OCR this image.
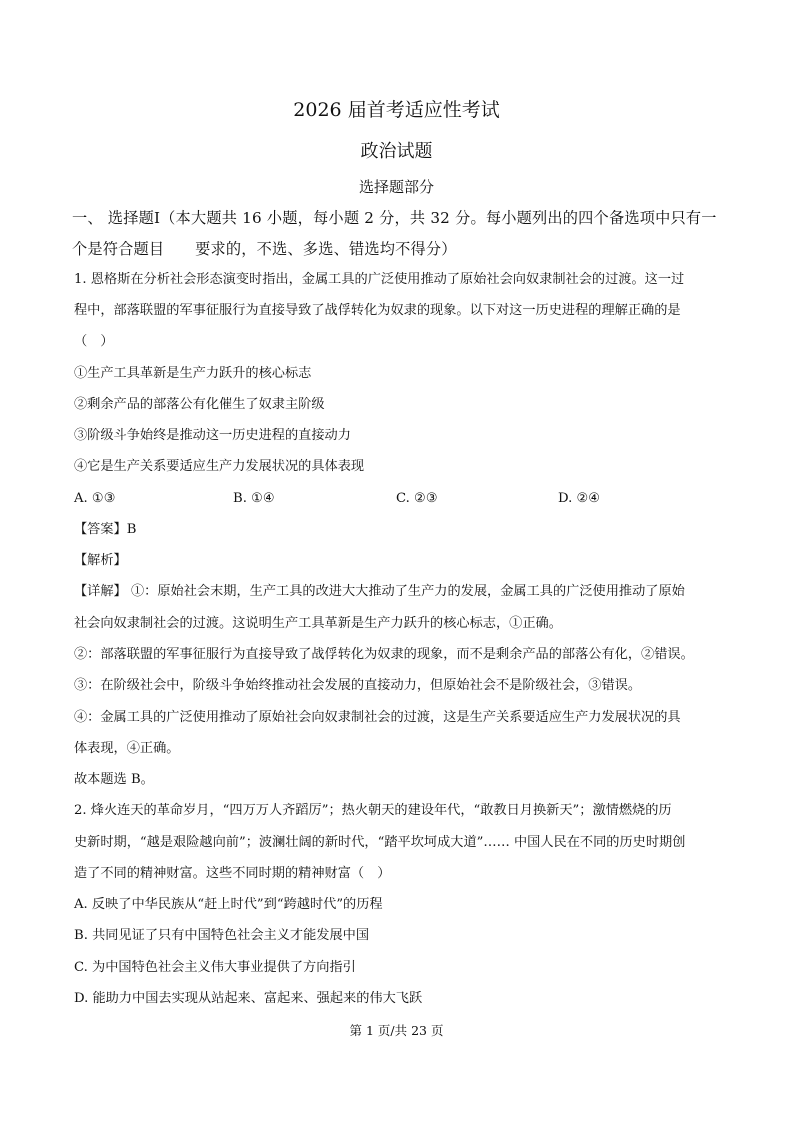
2026 届首考适应性考试
政治试题
选择题部分
一、 选择题Ⅰ（本大题共 16 小题，每小题 2 分，共 32 分。每小题列出的四个备选项中只有一
个是符合题目　　要求的，不选、多选、错选均不得分）
1. 恩格斯在分析社会形态演变时指出，金属工具的广泛使用推动了原始社会向奴隶制社会的过渡。这一过
程中，部落联盟的军事征服行为直接导致了战俘转化为奴隶的现象。以下对这一历史进程的理解正确的是
（　）
①生产工具革新是生产力跃升的核心标志
②剩余产品的部落公有化催生了奴隶主阶级
③阶级斗争始终是推动这一历史进程的直接动力
④它是生产关系要适应生产力发展状况的具体表现
A. ①③	B. ①④	C. ②③	D. ②④
【答案】B
【解析】
【详解】 ①：原始社会末期，生产工具的改进大大推动了生产力的发展，金属工具的广泛使用推动了原始
社会向奴隶制社会的过渡。这说明生产工具革新是生产力跃升的核心标志，①正确。
②：部落联盟的军事征服行为直接导致了战俘转化为奴隶的现象，而不是剩余产品的部落公有化，②错误。
③：在阶级社会中，阶级斗争始终推动社会发展的直接动力，但原始社会不是阶级社会，③错误。
④：金属工具的广泛使用推动了原始社会向奴隶制社会的过渡，这是生产关系要适应生产力发展状况的具
体表现，④正确。
故本题选 B。
2. 烽火连天的革命岁月，“四万万人齐蹈厉”；热火朝天的建设年代，“敢教日月换新天”；激情燃烧的历
史新时期，“越是艰险越向前”；波澜壮阔的新时代，“踏平坎坷成大道”…… 中国人民在不同的历史时期创
造了不同的精神财富。这些不同时期的精神财富（　）
A. 反映了中华民族从“赶上时代”到“跨越时代”的历程
B. 共同见证了只有中国特色社会主义才能发展中国
C. 为中国特色社会主义伟大事业提供了方向指引
D. 能助力中国去实现从站起来、富起来、强起来的伟大飞跃
第 1 页/共 23 页
